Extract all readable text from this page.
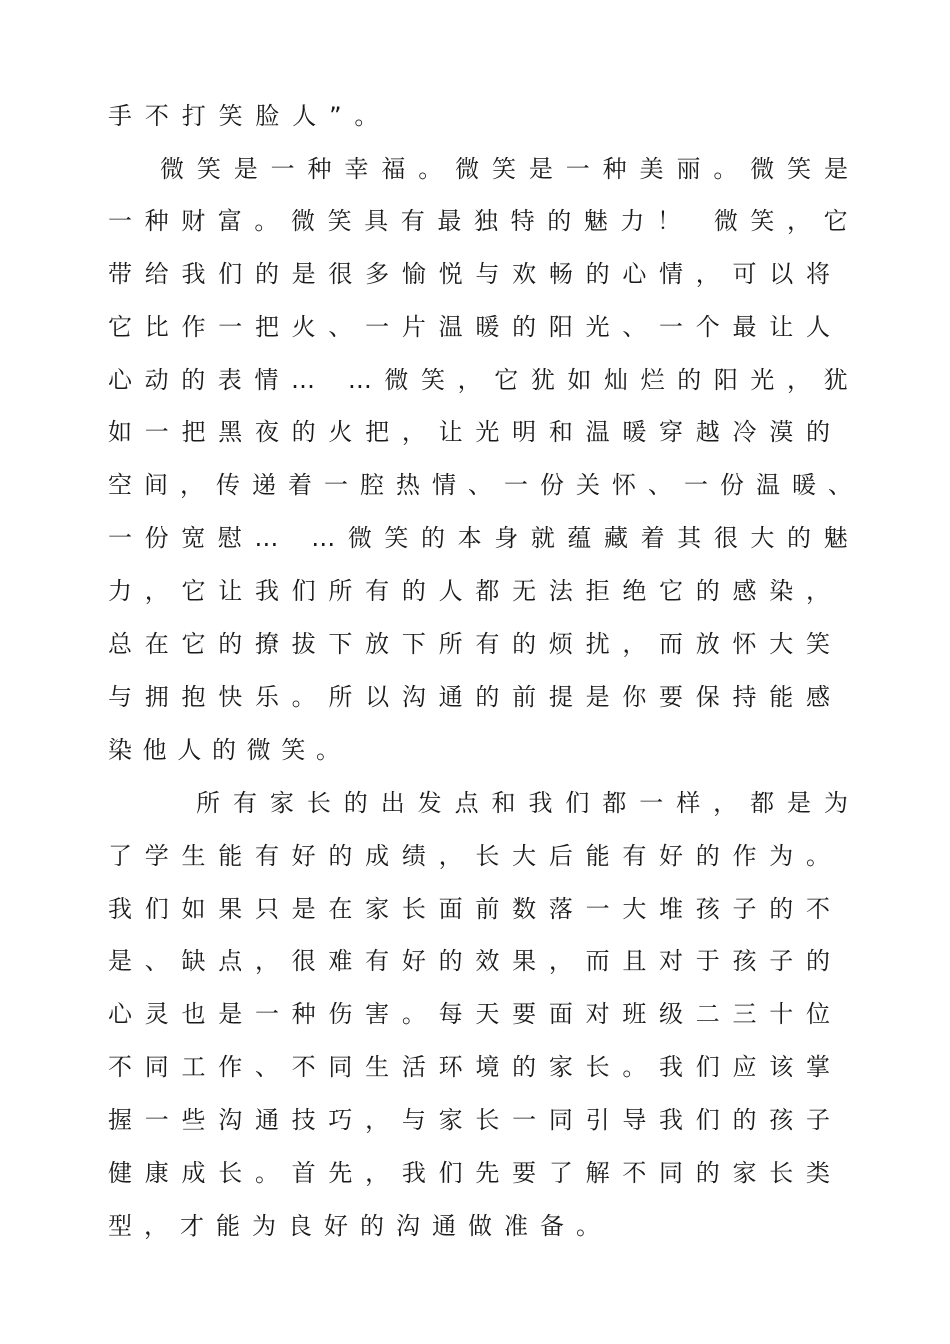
手不打笑脸人”。
微笑是一种幸福。微笑是一种美丽。微笑是
一种财富。微笑具有最独特的魅力！ 微笑，它
带给我们的是很多愉悦与欢畅的心情，可以将
它比作一把火、一片温暖的阳光、一个最让人
心动的表情… …微笑，它犹如灿烂的阳光，犹
如一把黑夜的火把，让光明和温暖穿越冷漠的
空间，传递着一腔热情、一份关怀、一份温暖、
一份宽慰… …微笑的本身就蕴藏着其很大的魅
力，它让我们所有的人都无法拒绝它的感染，
总在它的撩拔下放下所有的烦扰，而放怀大笑
与拥抱快乐。所以沟通的前提是你要保持能感
染他人的微笑。
所有家长的出发点和我们都一样，都是为
了学生能有好的成绩，长大后能有好的作为。
我们如果只是在家长面前数落一大堆孩子的不
是、缺点，很难有好的效果，而且对于孩子的
心灵也是一种伤害。每天要面对班级二三十位
不同工作、不同生活环境的家长。我们应该掌
握一些沟通技巧，与家长一同引导我们的孩子
健康成长。首先，我们先要了解不同的家长类
型，才能为良好的沟通做准备。
